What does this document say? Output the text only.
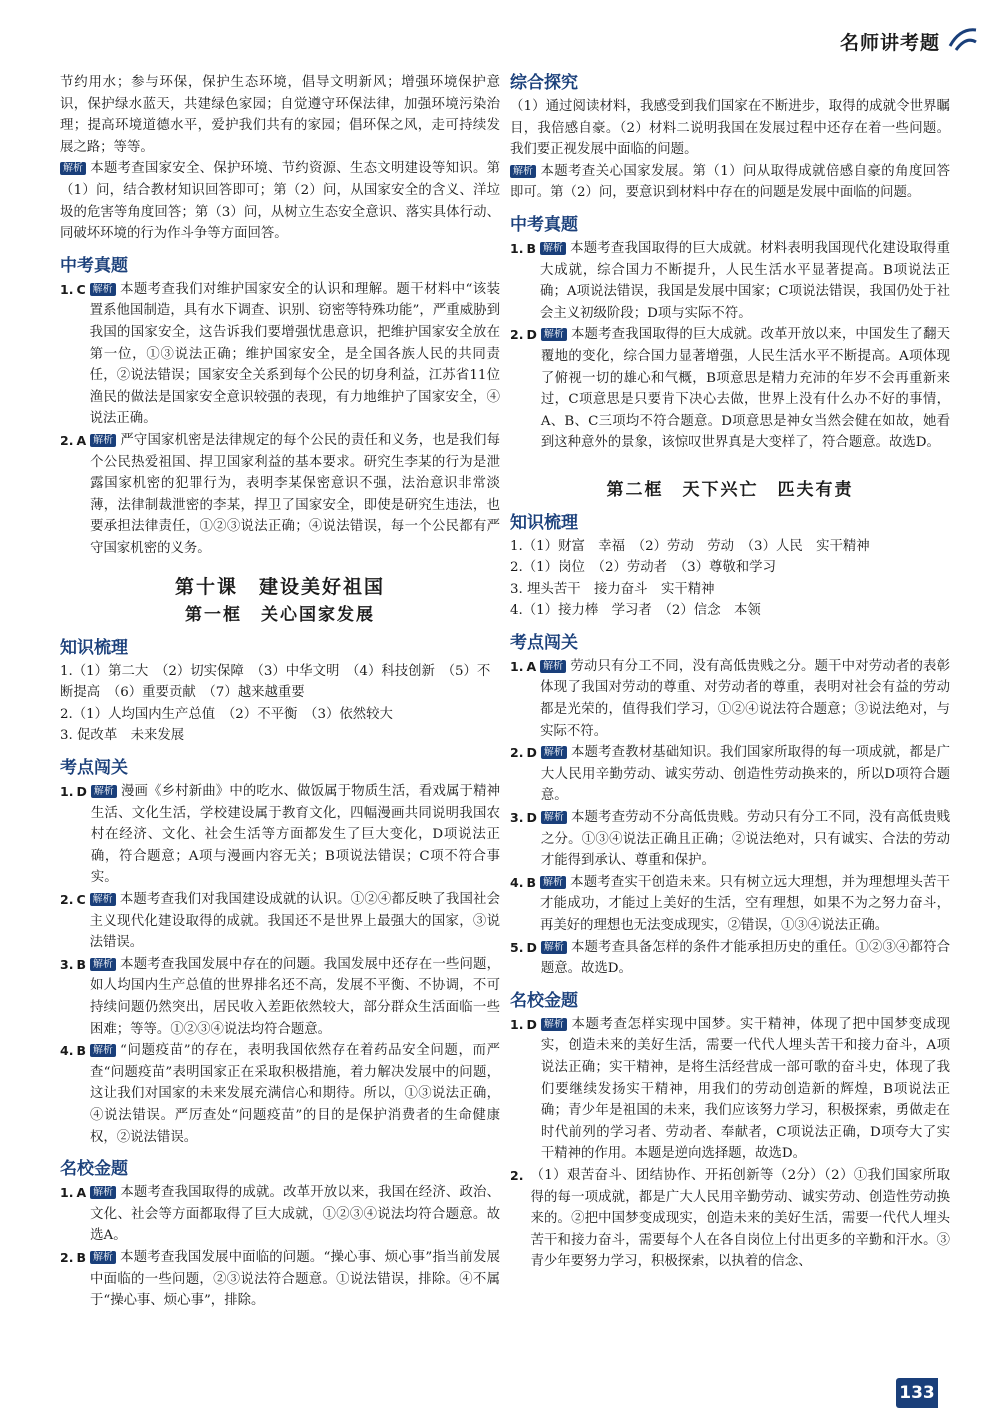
名师讲考题

节约用水；参与环保，保护生态环境，倡导文明新风；增强环境保护意识，保护绿水蓝天，共建绿色家园；自觉遵守环保法律，加强环境污染治理；提高环境道德水平，爱护我们共有的家园；倡环保之风，走可持续发展之路；等等。

解析 本题考查国家安全、保护环境、节约资源、生态文明建设等知识。第（1）问，结合教材知识回答即可；第（2）问，从国家安全的含义、洋垃圾的危害等角度回答；第（3）问，从树立生态安全意识、落实具体行动、同破坏环境的行为作斗争等方面回答。

中考真题
1. C 解析 本题考查我们对维护国家安全的认识和理解。题干材料中“该装置系他国制造，具有水下调查、识别、窃密等特殊功能”，严重威胁到我国的国家安全，这告诉我们要增强忧患意识，把维护国家安全放在第一位，①③说法正确；维护国家安全，是全国各族人民的共同责任，②说法错误；国家安全关系到每个公民的切身利益，江苏省11位渔民的做法是国家安全意识较强的表现，有力地维护了国家安全，④说法正确。
2. A 解析 严守国家机密是法律规定的每个公民的责任和义务，也是我们每个公民热爱祖国、捍卫国家利益的基本要求。研究生李某的行为是泄露国家机密的犯罪行为，表明李某保密意识不强，法治意识非常淡薄，法律制裁泄密的李某，捍卫了国家安全，即使是研究生违法，也要承担法律责任，①②③说法正确；④说法错误，每一个公民都有严守国家机密的义务。
第十课　建设美好祖国
第一框　关心国家发展
知识梳理

1.（1）第二大　（2）切实保障　（3）中华文明　（4）科技创新　（5）不断提高　（6）重要贡献　（7）越来越重要

2.（1）人均国内生产总值　（2）不平衡　（3）依然较大

3. 促改革　未来发展

考点闯关
1. D 解析 漫画《乡村新曲》中的吃水、做饭属于物质生活，看戏属于精神生活、文化生活，学校建设属于教育文化，四幅漫画共同说明我国农村在经济、文化、社会生活等方面都发生了巨大变化，D项说法正确，符合题意；A项与漫画内容无关；B项说法错误；C项不符合事实。
2. C 解析 本题考查我们对我国建设成就的认识。①②④都反映了我国社会主义现代化建设取得的成就。我国还不是世界上最强大的国家，③说法错误。
3. B 解析 本题考查我国发展中存在的问题。我国发展中还存在一些问题，如人均国内生产总值的世界排名还不高，发展不平衡、不协调，不可持续问题仍然突出，居民收入差距依然较大，部分群众生活面临一些困难；等等。①②③④说法均符合题意。
4. B 解析 “问题疫苗”的存在，表明我国依然存在着药品安全问题，而严查“问题疫苗”表明国家正在采取积极措施，着力解决发展中的问题，这让我们对国家的未来发展充满信心和期待。所以，①③说法正确，④说法错误。严厉查处“问题疫苗”的目的是保护消费者的生命健康权，②说法错误。
名校金题
1. A 解析 本题考查我国取得的成就。改革开放以来，我国在经济、政治、文化、社会等方面都取得了巨大成就，①②③④说法均符合题意。故选A。
2. B 解析 本题考查我国发展中面临的问题。“操心事、烦心事”指当前发展中面临的一些问题，②③说法符合题意。①说法错误，排除。④不属于“操心事、烦心事”，排除。
综合探究

（1）通过阅读材料，我感受到我们国家在不断进步，取得的成就令世界瞩目，我倍感自豪。（2）材料二说明我国在发展过程中还存在着一些问题。我们要正视发展中面临的问题。

解析 本题考查关心国家发展。第（1）问从取得成就倍感自豪的角度回答即可。第（2）问，要意识到材料中存在的问题是发展中面临的问题。

中考真题
1. B 解析 本题考查我国取得的巨大成就。材料表明我国现代化建设取得重大成就，综合国力不断提升，人民生活水平显著提高。B项说法正确；A项说法错误，我国是发展中国家；C项说法错误，我国仍处于社会主义初级阶段；D项与实际不符。
2. D 解析 本题考查我国取得的巨大成就。改革开放以来，中国发生了翻天覆地的变化，综合国力显著增强，人民生活水平不断提高。A项体现了俯视一切的雄心和气概，B项意思是精力充沛的年岁不会再重新来过，C项意思是只要肯下决心去做，世界上没有什么办不好的事情，A、B、C三项均不符合题意。D项意思是神女当然会健在如故，她看到这种意外的景象，该惊叹世界真是大变样了，符合题意。故选D。
第二框　天下兴亡　匹夫有责
知识梳理

1.（1）财富　幸福　（2）劳动　劳动　（3）人民　实干精神

2.（1）岗位　（2）劳动者　（3）尊敬和学习

3. 埋头苦干　接力奋斗　实干精神

4.（1）接力棒　学习者　（2）信念　本领

考点闯关
1. A 解析 劳动只有分工不同，没有高低贵贱之分。题干中对劳动者的表彰体现了我国对劳动的尊重、对劳动者的尊重，表明对社会有益的劳动都是光荣的，值得我们学习，①②④说法符合题意；③说法绝对，与实际不符。
2. D 解析 本题考查教材基础知识。我们国家所取得的每一项成就，都是广大人民用辛勤劳动、诚实劳动、创造性劳动换来的，所以D项符合题意。
3. D 解析 本题考查劳动不分高低贵贱。劳动只有分工不同，没有高低贵贱之分。①③④说法正确且正确；②说法绝对，只有诚实、合法的劳动才能得到承认、尊重和保护。
4. B 解析 本题考查实干创造未来。只有树立远大理想，并为理想埋头苦干才能成功，才能过上美好的生活，空有理想，如果不为之努力奋斗，再美好的理想也无法变成现实，②错误，①③④说法正确。
5. D 解析 本题考查具备怎样的条件才能承担历史的重任。①②③④都符合题意。故选D。
名校金题
1. D 解析 本题考查怎样实现中国梦。实干精神，体现了把中国梦变成现实，创造未来的美好生活，需要一代代人埋头苦干和接力奋斗，A项说法正确；实干精神，是将生活经营成一部可歌的奋斗史，体现了我们要继续发扬实干精神，用我们的劳动创造新的辉煌，B项说法正确；青少年是祖国的未来，我们应该努力学习，积极探索，勇做走在时代前列的学习者、劳动者、奉献者，C项说法正确，D项夸大了实干精神的作用。本题是逆向选择题，故选D。
2. （1）艰苦奋斗、团结协作、开拓创新等（2分）（2）①我们国家所取得的每一项成就，都是广大人民用辛勤劳动、诚实劳动、创造性劳动换来的。②把中国梦变成现实，创造未来的美好生活，需要一代代人埋头苦干和接力奋斗，需要每个人在各自岗位上付出更多的辛勤和汗水。③青少年要努力学习，积极探索，以执着的信念、
133
